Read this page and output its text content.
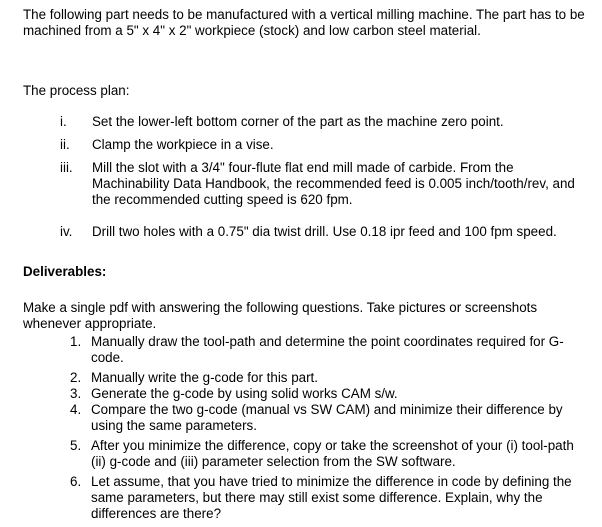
The following part needs to be manufactured with a vertical milling machine. The part has to be machined from a 5" x 4" x 2" workpiece (stock) and low carbon steel material.

The process plan:

i.	Set the lower-left bottom corner of the part as the machine zero point.
ii.	Clamp the workpiece in a vise.
iii.	Mill the slot with a 3/4" four-flute flat end mill made of carbide. From the Machinability Data Handbook, the recommended feed is 0.005 inch/tooth/rev, and the recommended cutting speed is 620 fpm.
iv.	Drill two holes with a 0.75" dia twist drill. Use 0.18 ipr feed and 100 fpm speed.

Deliverables:

Make a single pdf with answering the following questions. Take pictures or screenshots whenever appropriate.

1. Manually draw the tool-path and determine the point coordinates required for G-code.
2. Manually write the g-code for this part.
3. Generate the g-code by using solid works CAM s/w.
4. Compare the two g-code (manual vs SW CAM) and minimize their difference by using the same parameters.
5. After you minimize the difference, copy or take the screenshot of your (i) tool-path (ii) g-code and (iii) parameter selection from the SW software.
6. Let assume, that you have tried to minimize the difference in code by defining the same parameters, but there may still exist some difference. Explain, why the differences are there?
